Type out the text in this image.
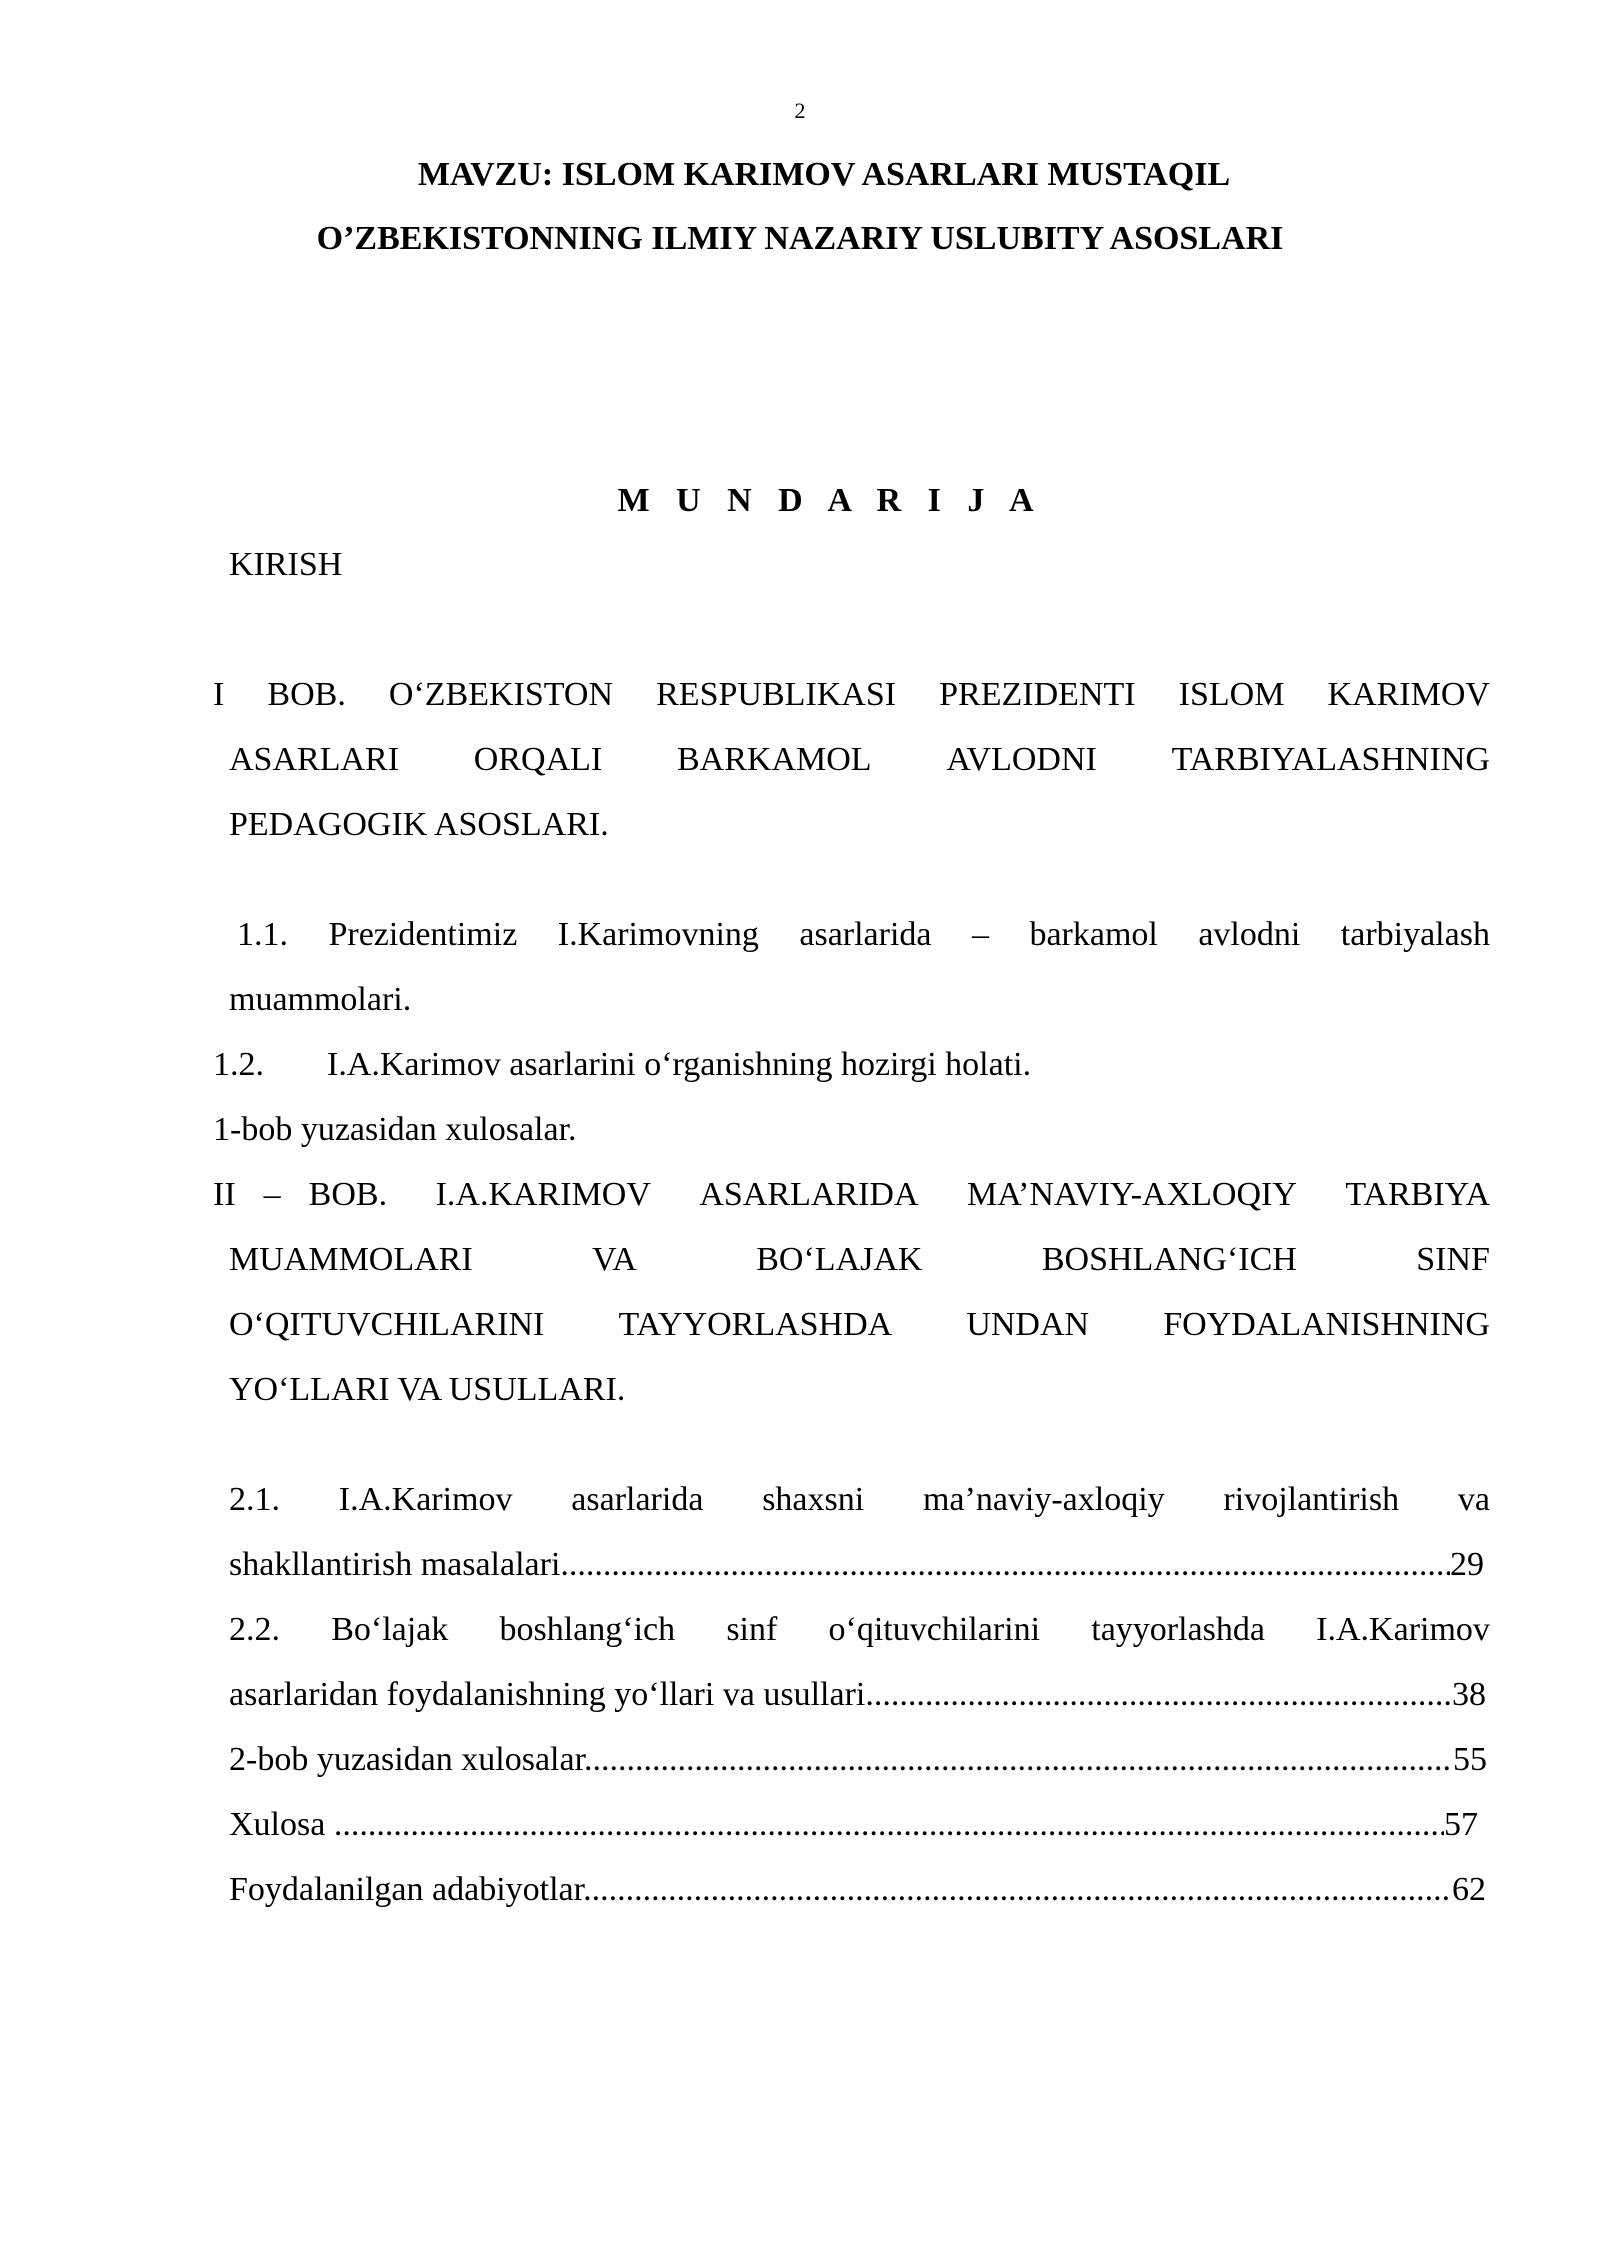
2
MAVZU: ISLOM KARIMOV ASARLARI MUSTAQIL
O’ZBEKISTONNING ILMIY NAZARIY USLUBITY ASOSLARI
M U N D A R I J A
KIRISH
I BOB. O‘ZBEKISTON RESPUBLIKASI PREZIDENTI ISLOM KARIMOV
ASARLARI ORQALI BARKAMOL AVLODNI TARBIYALASHNING
PEDAGOGIK ASOSLARI.
1.1. Prezidentimiz I.Karimovning asarlarida – barkamol avlodni tarbiyalash
muammolari.
1.2. I.A.Karimov asarlarini o‘rganishning hozirgi holati.
1-bob yuzasidan xulosalar.
II – BOB. I.A.KARIMOV ASARLARIDA MA’NAVIY-AXLOQIY TARBIYA
MUAMMOLARI	VA	BO‘LAJAK	BOSHLANG‘ICH	SINF
O‘QITUVCHILARINI TAYYORLASHDA UNDAN FOYDALANISHNING
YO‘LLARI VA USULLARI.
2.1. I.A.Karimov asarlarida shaxsni ma’naviy-axloqiy rivojlantirish va
shakllantirish masalalari .....	29
2.2. Bo‘lajak boshlang‘ich sinf o‘qituvchilarini tayyorlashda I.A.Karimov
asarlaridan foydalanishning yo‘llari va usullari .....	38
2-bob yuzasidan xulosalar .....	55
Xulosa .....	57
Foydalanilgan adabiyotlar .....	62
